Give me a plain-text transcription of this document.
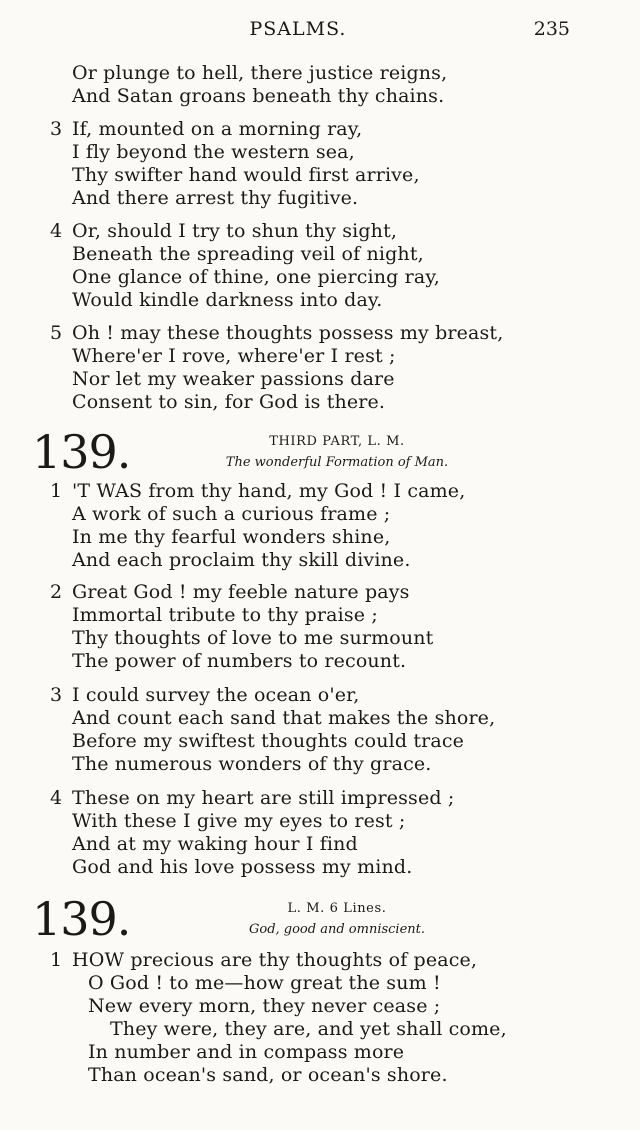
PSALMS.	235
Or plunge to hell, there justice reigns,
And Satan groans beneath thy chains.
3 If, mounted on a morning ray,
I fly beyond the western sea,
Thy swifter hand would first arrive,
And there arrest thy fugitive.
4 Or, should I try to shun thy sight,
Beneath the spreading veil of night,
One glance of thine, one piercing ray,
Would kindle darkness into day.
5 Oh ! may these thoughts possess my breast,
Where'er I rove, where'er I rest ;
Nor let my weaker passions dare
Consent to sin, for God is there.
139.	THIRD PART, L. M.
The wonderful Formation of Man.
1 'T WAS from thy hand, my God ! I came,
A work of such a curious frame ;
In me thy fearful wonders shine,
And each proclaim thy skill divine.
2 Great God ! my feeble nature pays
Immortal tribute to thy praise ;
Thy thoughts of love to me surmount
The power of numbers to recount.
3 I could survey the ocean o'er,
And count each sand that makes the shore,
Before my swiftest thoughts could trace
The numerous wonders of thy grace.
4 These on my heart are still impressed ;
With these I give my eyes to rest ;
And at my waking hour I find
God and his love possess my mind.
139.	L. M. 6 Lines.
God, good and omniscient.
1 HOW precious are thy thoughts of peace,
O God ! to me—how great the sum !
New every morn, they never cease ;
They were, they are, and yet shall come,
In number and in compass more
Than ocean's sand, or ocean's shore.
